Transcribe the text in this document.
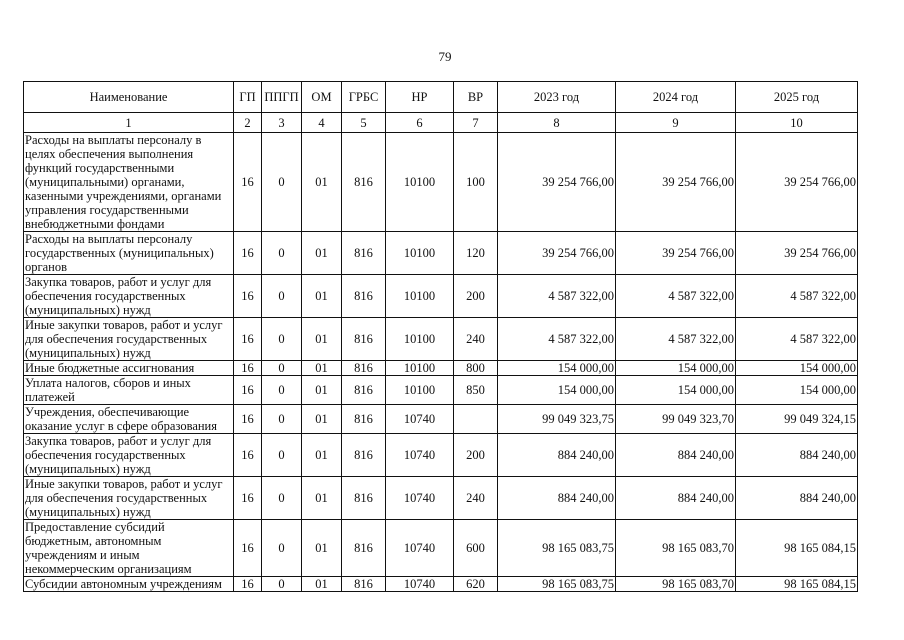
79
Наименование	ГП	ППГП	ОМ	ГРБС	НР	ВР	2023 год	2024 год	2025 год
1	2	3	4	5	6	7	8	9	10
Расходы на выплаты персоналу в целях обеспечения выполнения функций государственными (муниципальными) органами, казенными учреждениями, органами управления государственными внебюджетными фондами	16	0	01	816	10100	100	39 254 766,00	39 254 766,00	39 254 766,00
Расходы на выплаты персоналу государственных (муниципальных) органов	16	0	01	816	10100	120	39 254 766,00	39 254 766,00	39 254 766,00
Закупка товаров, работ и услуг для обеспечения государственных (муниципальных) нужд	16	0	01	816	10100	200	4 587 322,00	4 587 322,00	4 587 322,00
Иные закупки товаров, работ и услуг для обеспечения государственных (муниципальных) нужд	16	0	01	816	10100	240	4 587 322,00	4 587 322,00	4 587 322,00
Иные бюджетные ассигнования	16	0	01	816	10100	800	154 000,00	154 000,00	154 000,00
Уплата налогов, сборов и иных платежей	16	0	01	816	10100	850	154 000,00	154 000,00	154 000,00
Учреждения, обеспечивающие оказание услуг в сфере образования	16	0	01	816	10740		99 049 323,75	99 049 323,70	99 049 324,15
Закупка товаров, работ и услуг для обеспечения государственных (муниципальных) нужд	16	0	01	816	10740	200	884 240,00	884 240,00	884 240,00
Иные закупки товаров, работ и услуг для обеспечения государственных (муниципальных) нужд	16	0	01	816	10740	240	884 240,00	884 240,00	884 240,00
Предоставление субсидий бюджетным, автономным учреждениям и иным некоммерческим организациям	16	0	01	816	10740	600	98 165 083,75	98 165 083,70	98 165 084,15
Субсидии автономным учреждениям	16	0	01	816	10740	620	98 165 083,75	98 165 083,70	98 165 084,15
